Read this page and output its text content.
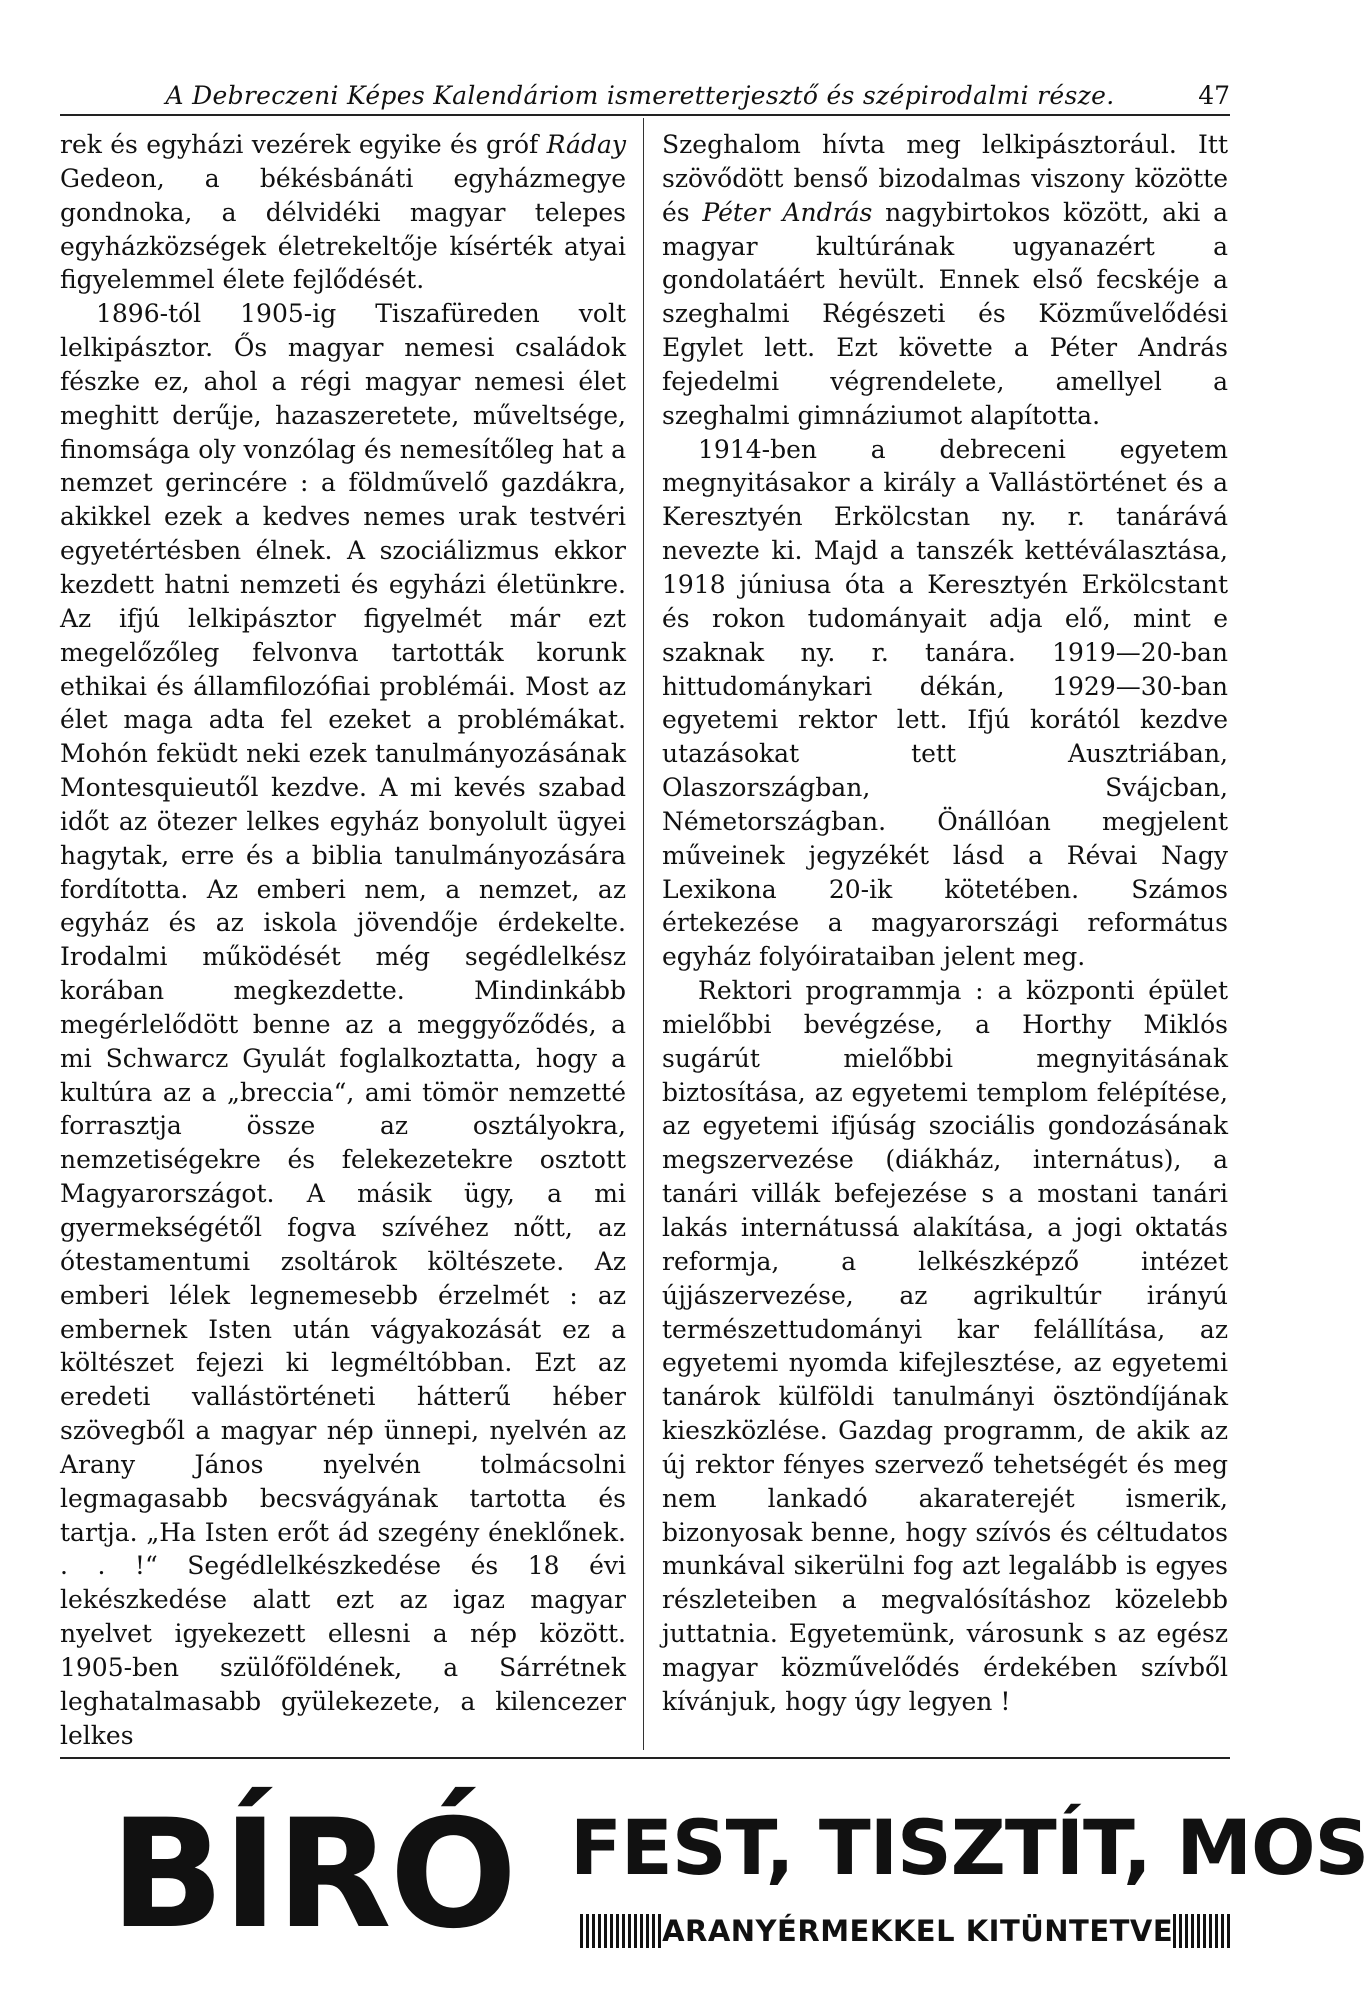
A Debreczeni Képes Kalendáriom ismeretterjesztő és szépirodalmi része.	47

rek és egyházi vezérek egyike és gróf Ráday Gedeon, a békésbánáti egyházmegye gondnoka, a délvidéki magyar telepes egyházközségek életrekeltője kísérték atyai figyelemmel élete fejlődését.

1896-tól 1905-ig Tiszafüreden volt lelkipásztor. Ős magyar nemesi családok fészke ez, ahol a régi magyar nemesi élet meghitt derűje, hazaszeretete, műveltsége, finomsága oly vonzólag és nemesítőleg hat a nemzet gerincére : a földművelő gazdákra, akikkel ezek a kedves nemes urak testvéri egyetértésben élnek. A szociálizmus ekkor kezdett hatni nemzeti és egyházi életünkre. Az ifjú lelkipásztor figyelmét már ezt megelőzőleg felvonva tartották korunk ethikai és államfilozófiai problémái. Most az élet maga adta fel ezeket a problémákat. Mohón feküdt neki ezek tanulmányozásának Montesquieutől kezdve. A mi kevés szabad időt az ötezer lelkes egyház bonyolult ügyei hagytak, erre és a biblia tanulmányozására fordította. Az emberi nem, a nemzet, az egyház és az iskola jövendője érdekelte. Irodalmi működését még segédlelkész korában megkezdette. Mindinkább megérlelődött benne az a meggyőződés, a mi Schwarcz Gyulát foglalkoztatta, hogy a kultúra az a „breccia“, ami tömör nemzetté forrasztja össze az osztályokra, nemzetiségekre és felekezetekre osztott Magyarországot. A másik ügy, a mi gyermekségétől fogva szívéhez nőtt, az ótestamentumi zsoltárok költészete. Az emberi lélek legnemesebb érzelmét : az embernek Isten után vágyakozását ez a költészet fejezi ki legméltóbban. Ezt az eredeti vallástörténeti hátterű héber szövegből a magyar nép ünnepi, nyelvén az Arany János nyelvén tolmácsolni legmagasabb becsvágyának tartotta és tartja. „Ha Isten erőt ád szegény éneklőnek. . . !“ Segédlelkészkedése és 18 évi lekészkedése alatt ezt az igaz magyar nyelvet igyekezett ellesni a nép között. 1905-ben szülőföldének, a Sárrétnek leghatalmasabb gyülekezete, a kilencezer lelkes

Szeghalom hívta meg lelkipásztorául. Itt szövődött benső bizodalmas viszony közötte és Péter András nagybirtokos között, aki a magyar kultúrának ugyanazért a gondolatáért hevült. Ennek első fecskéje a szeghalmi Régészeti és Közművelődési Egylet lett. Ezt követte a Péter András fejedelmi végrendelete, amellyel a szeghalmi gimnáziumot alapította.

1914-ben a debreceni egyetem megnyitásakor a király a Vallástörténet és a Keresztyén Erkölcstan ny. r. tanárává nevezte ki. Majd a tanszék kettéválasztása, 1918 júniusa óta a Keresztyén Erkölcstant és rokon tudományait adja elő, mint e szaknak ny. r. tanára. 1919—20-ban hittudománykari dékán, 1929—30-ban egyetemi rektor lett. Ifjú korától kezdve utazásokat tett Ausztriában, Olaszországban, Svájcban, Németországban. Önállóan megjelent műveinek jegyzékét lásd a Révai Nagy Lexikona 20-ik kötetében. Számos értekezése a magyarországi református egyház folyóirataiban jelent meg.

Rektori programmja : a központi épület mielőbbi bevégzése, a Horthy Miklós sugárút mielőbbi megnyitásának biztosítása, az egyetemi templom felépítése, az egyetemi ifjúság szociális gondozásának megszervezése (diákház, internátus), a tanári villák befejezése s a mostani tanári lakás internátussá alakítása, a jogi oktatás reformja, a lelkészképző intézet újjászervezése, az agrikultúr irányú természettudományi kar felállítása, az egyetemi nyomda kifejlesztése, az egyetemi tanárok külföldi tanulmányi ösztöndíjának kieszközlése. Gazdag programm, de akik az új rektor fényes szervező tehetségét és meg nem lankadó akaraterejét ismerik, bizonyosak benne, hogy szívós és céltudatos munkával sikerülni fog azt legalább is egyes részleteiben a megvalósításhoz közelebb juttatnia. Egyetemünk, városunk s az egész magyar közművelődés érdekében szívből kívánjuk, hogy úgy legyen !

BÍRÓ FEST, TISZTÍT, MOS
ARANYÉRMEKKEL KITÜNTETVE
